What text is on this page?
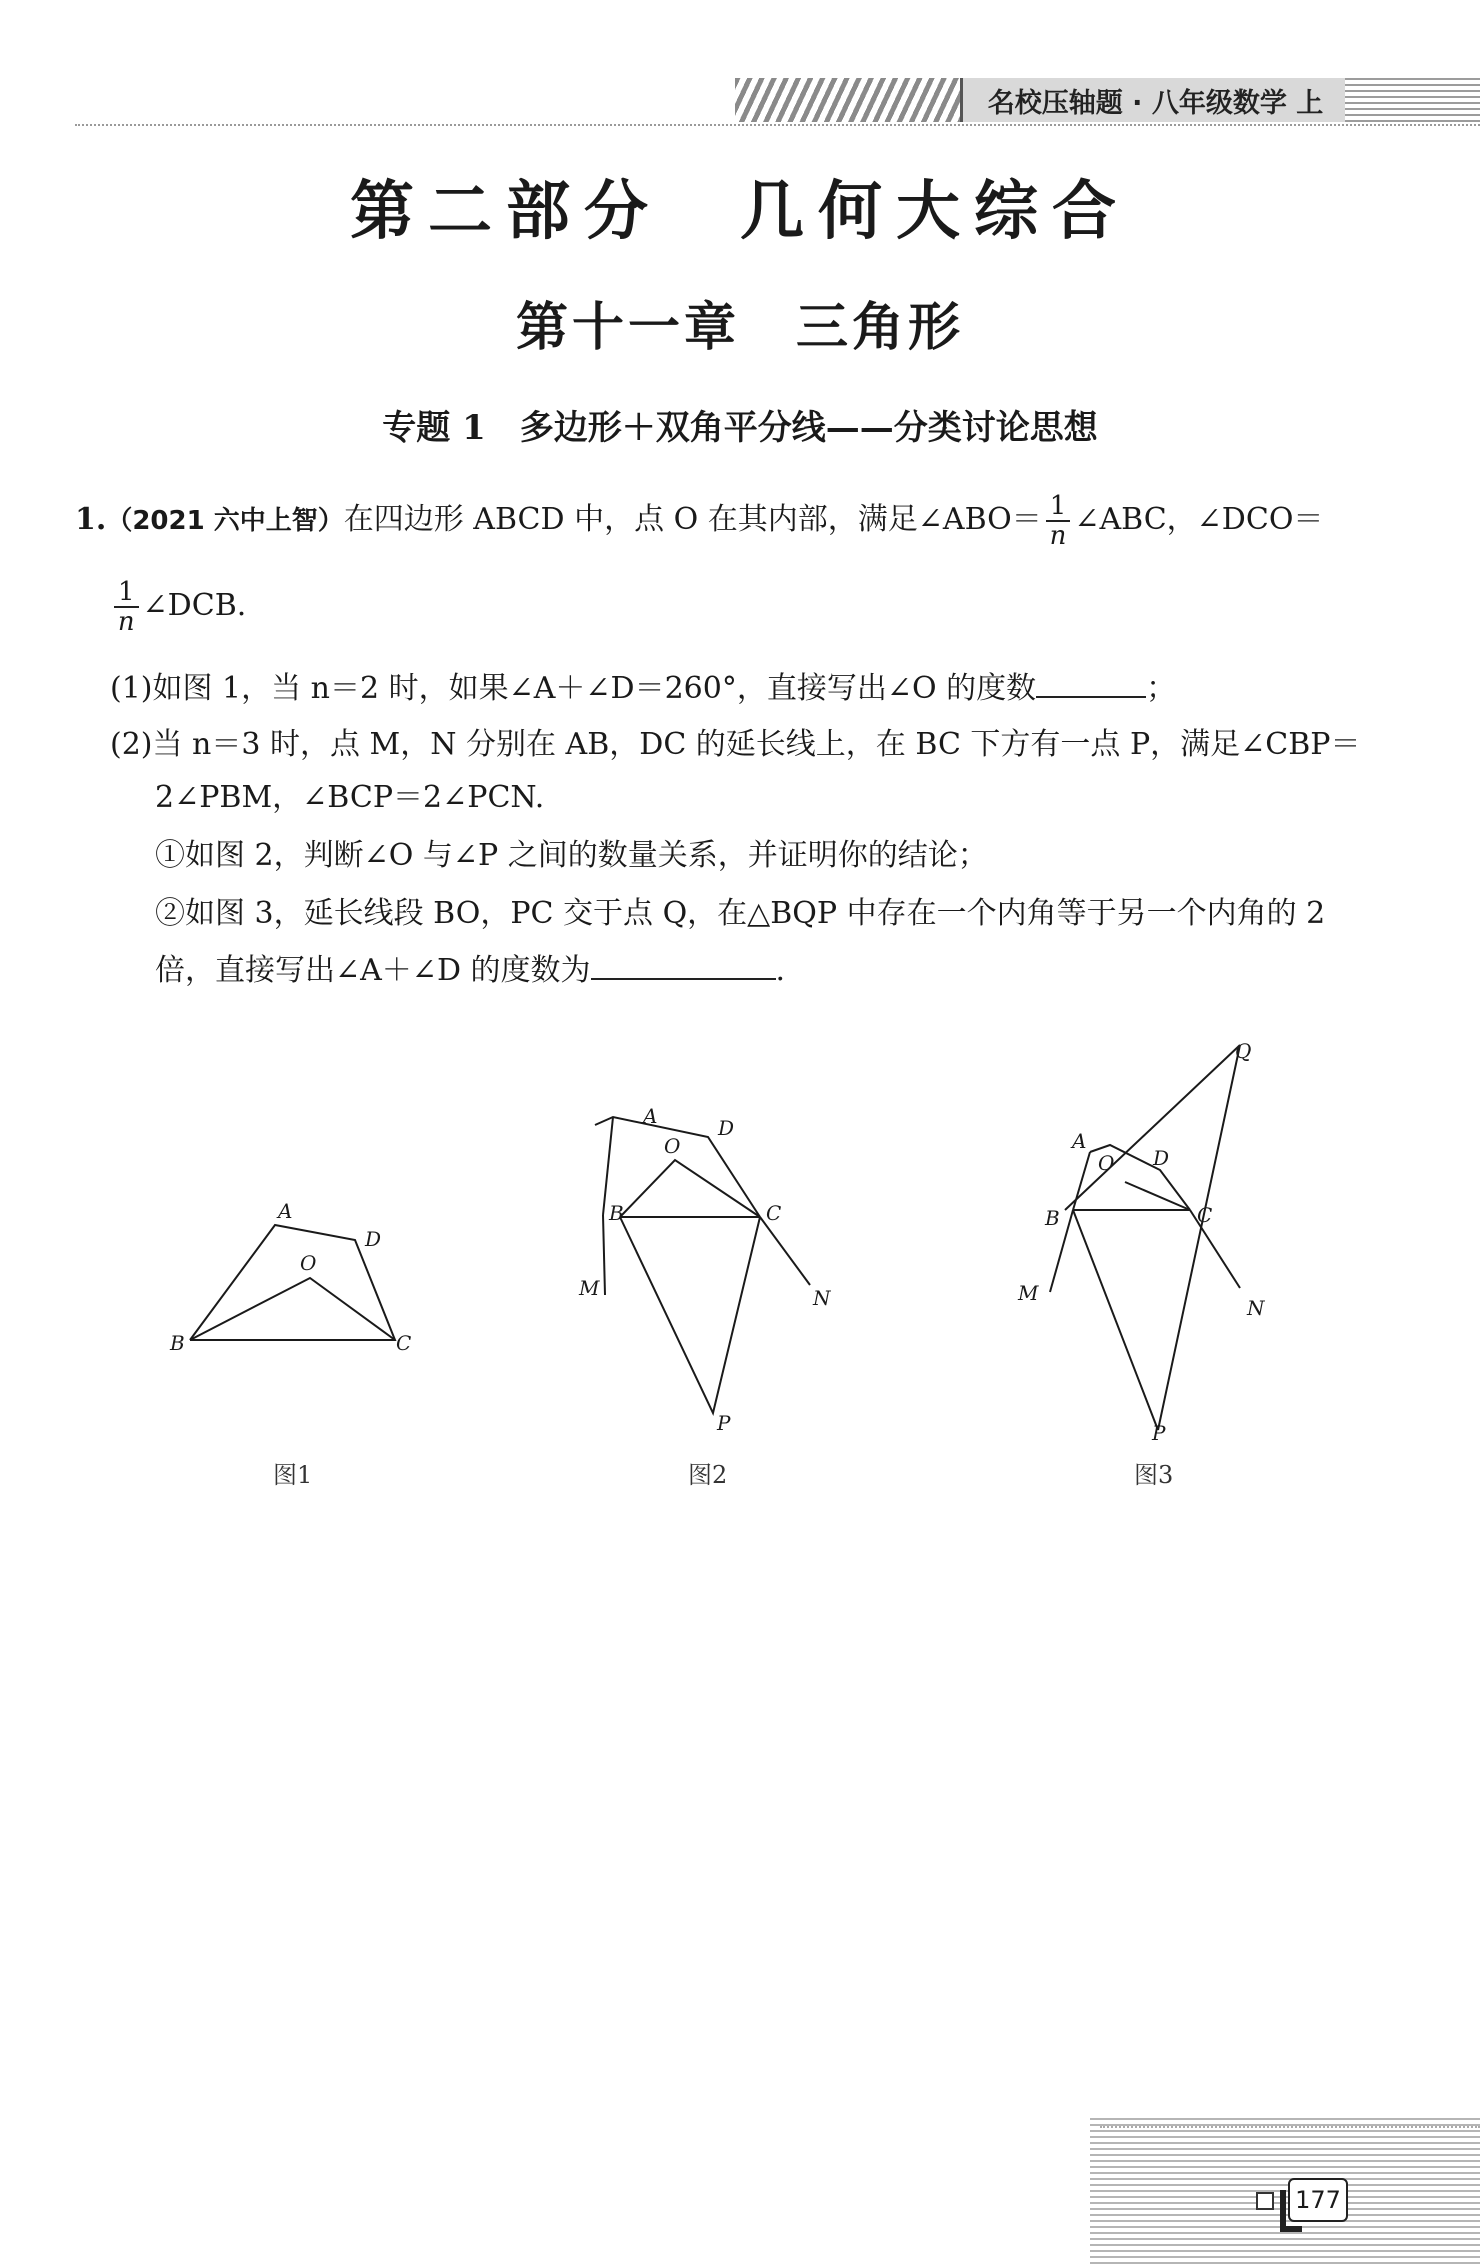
名校压轴题 · 八年级数学 上
第二部分　几何大综合
第十一章　三角形
专题 1　多边形＋双角平分线——分类讨论思想
1.（2021 六中上智）在四边形 ABCD 中，点 O 在其内部，满足∠ABO＝ $\frac{1}{n}$ ∠ABC，∠DCO＝
$\frac{1}{n}$ ∠DCB.
(1)如图 1，当 n＝2 时，如果∠A＋∠D＝260°，直接写出∠O 的度数	；
(2)当 n＝3 时，点 M，N 分别在 AB，DC 的延长线上，在 BC 下方有一点 P，满足∠CBP＝
2∠PBM，∠BCP＝2∠PCN.
①如图 2，判断∠O 与∠P 之间的数量关系，并证明你的结论；
②如图 3，延长线段 BO，PC 交于点 Q，在△BQP 中存在一个内角等于另一个内角的 2
倍，直接写出∠A＋∠D 的度数为	.
A
D
O
B	C
图1
A	D
O
B	C
M	N
P
图2
Q
A
D
O
B	C
M
N
P
图3
177
